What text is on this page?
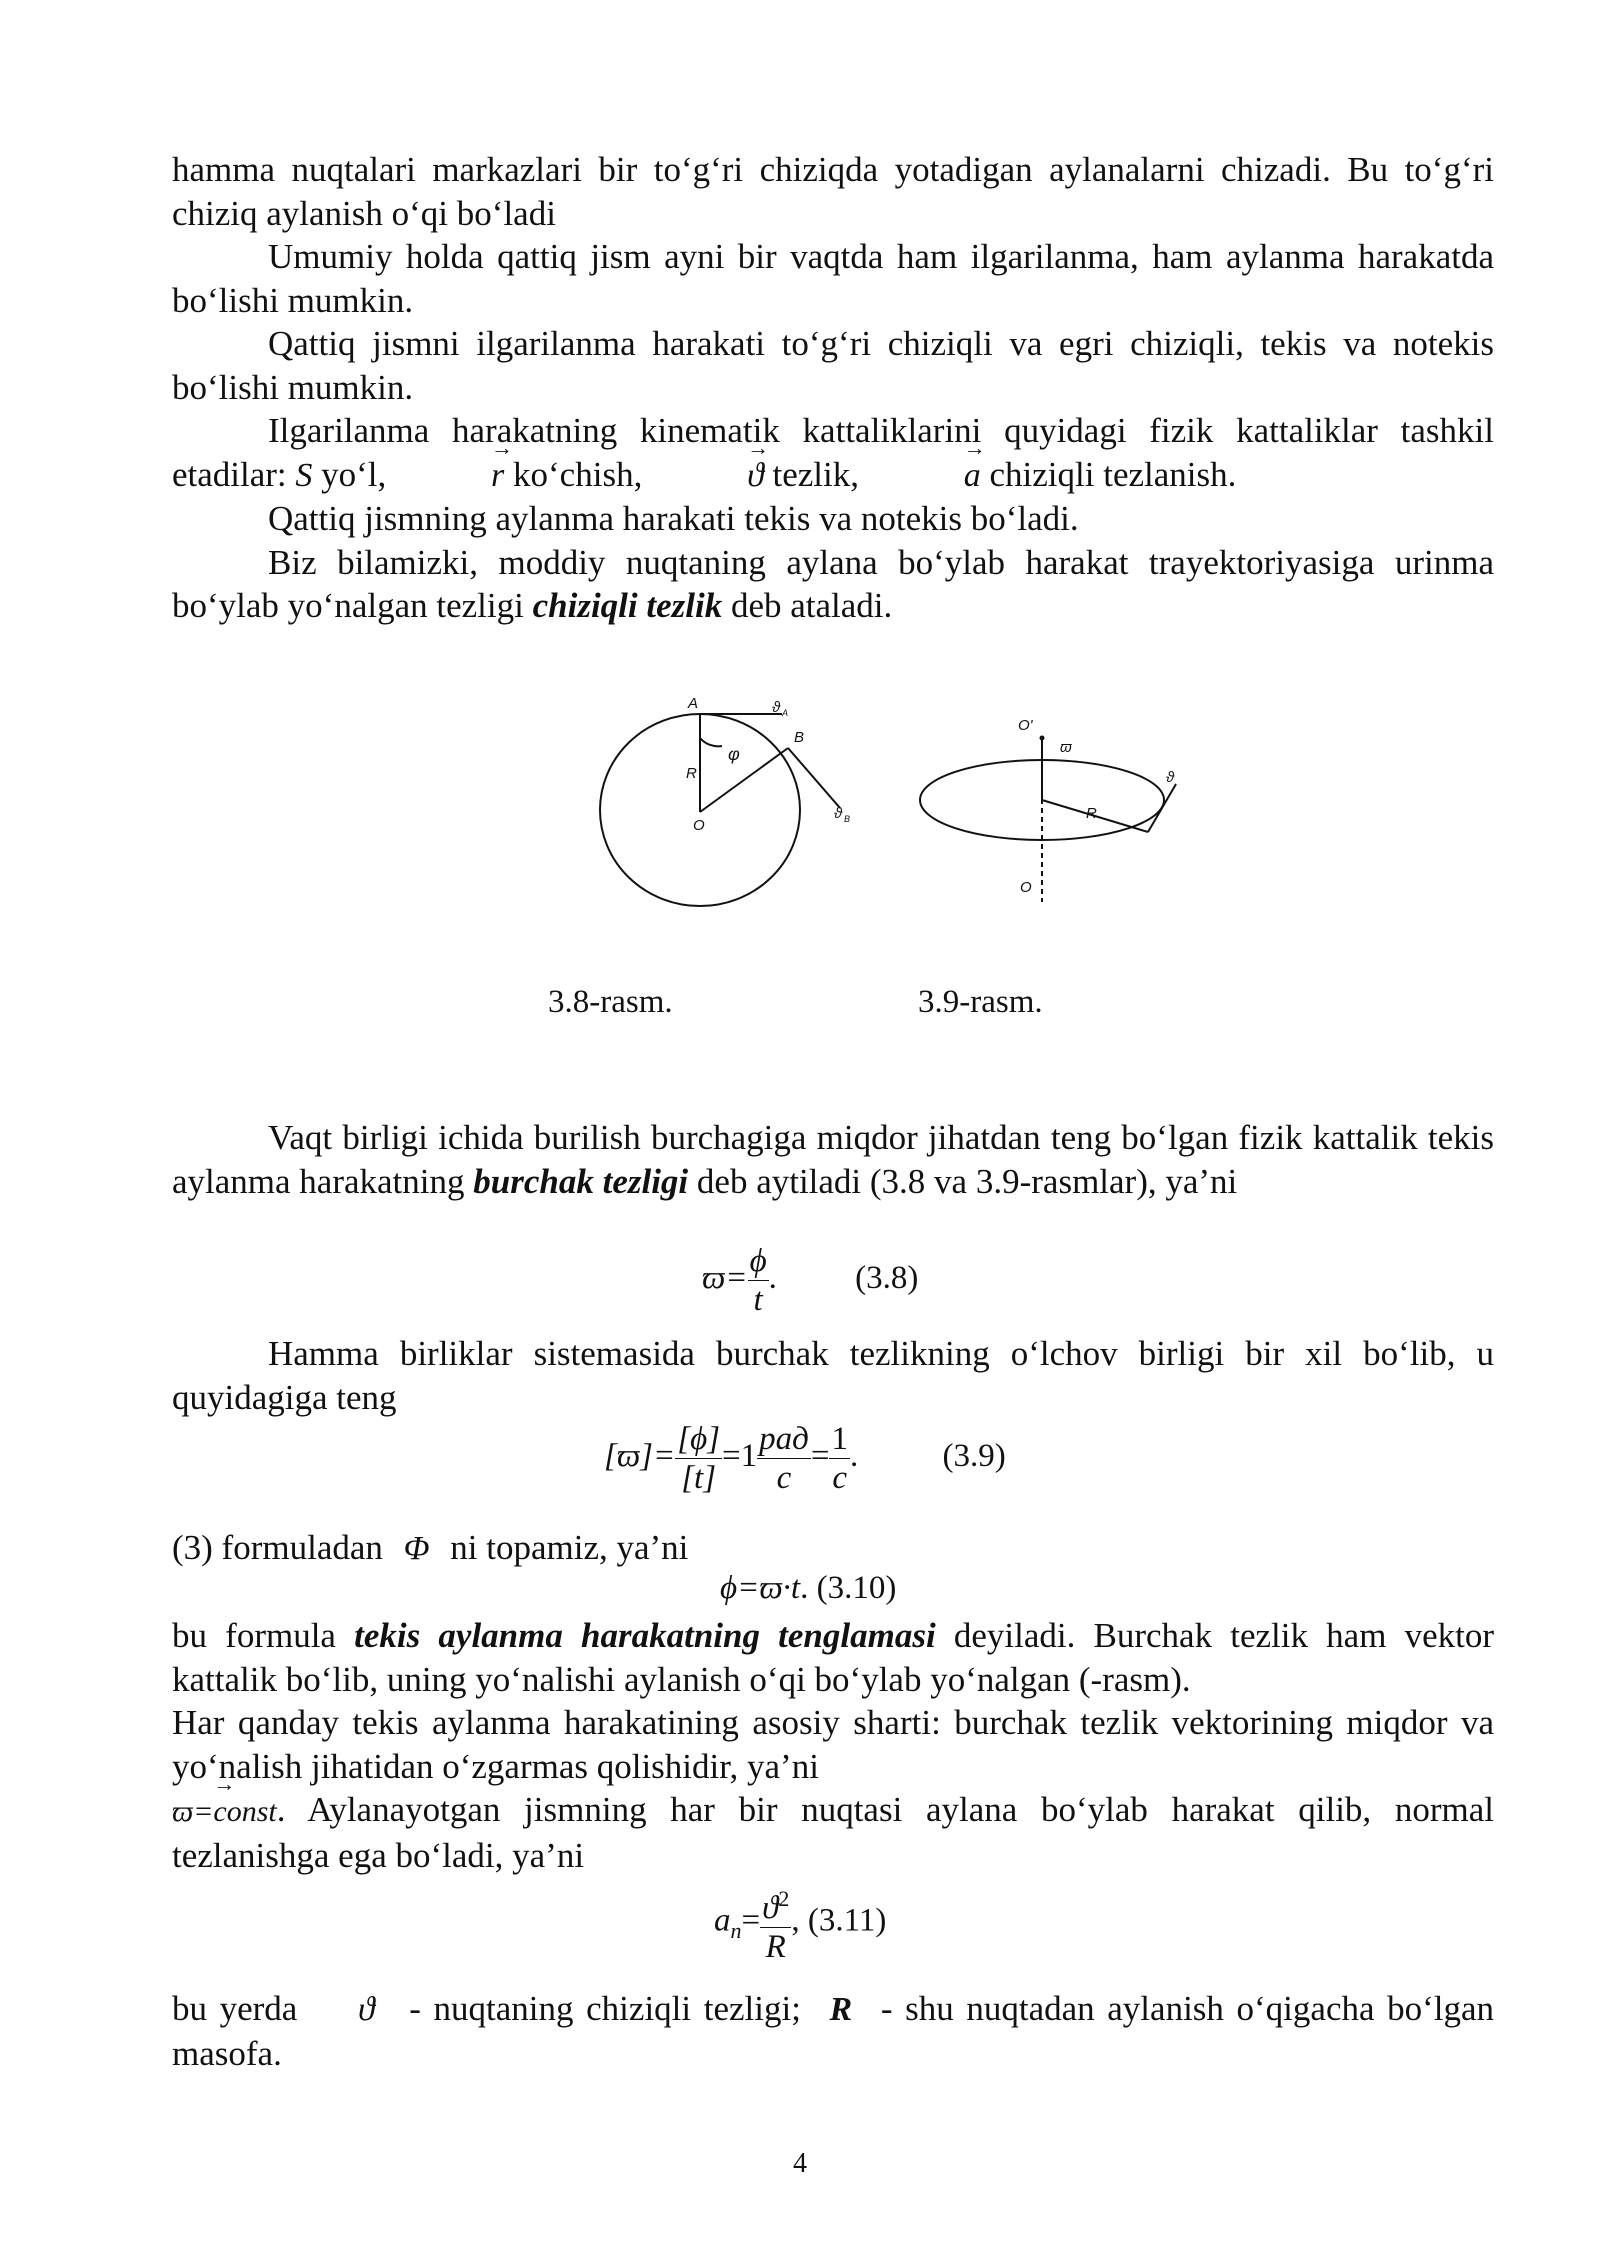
hamma nuqtalari markazlari bir to‘g‘ri chiziqda yotadigan aylanalarni chizadi. Bu to‘g‘ri chiziq aylanish o‘qi bo‘ladi

Umumiy holda qattiq jism ayni bir vaqtda ham ilgarilanma, ham aylanma harakatda bo‘lishi mumkin.

Qattiq jismni ilgarilanma harakati to‘g‘ri chiziqli va egri chiziqli, tekis va notekis bo‘lishi mumkin.

Ilgarilanma harakatning kinematik kattaliklarini quyidagi fizik kattaliklar tashkil etadilar: S yo‘l,	→ r ko‘chish,	→ ϑ tezlik,	→ a chiziqli tezlanish.

Qattiq jismning aylanma harakati tekis va notekis bo‘ladi.

Biz bilamizki, moddiy nuqtaning aylana bo‘ylab harakat trayektoriyasiga urinma bo‘ylab yo‘nalgan tezligi chiziqli tezlik deb ataladi.

A
B
O
R
φ
ϑ A
ϑ B
O'
ϖ
R
ϑ
O
3.8-rasm.	3.9-rasm.

Vaqt birligi ichida burilish burchagiga miqdor jihatdan teng bo‘lgan fizik kattalik tekis aylanma harakatning burchak tezligi deb aytiladi (3.8 va 3.9-rasmlar), ya’ni

$ϖ= \frac{\phi}{t}$ . (3.8)

Hamma birliklar sistemasida burchak tezlikning o‘lchov birligi bir xil bo‘lib, u quyidagiga teng

$[ϖ]= \frac{[\phi]}{[t]} =1 \frac{\text{рад}}{с} = \frac{1}{с}$ .	(3.9)

(3) formuladan Φ ni topamiz, ya’ni

ϕ=ϖ·t. (3.10)

bu formula tekis aylanma harakatning tenglamasi deyiladi. Burchak tezlik ham vektor kattalik bo‘lib, uning yo‘nalishi aylanish o‘qi bo‘ylab yo‘nalgan (-rasm).

Har qanday tekis aylanma harakatining asosiy sharti: burchak tezlik vektorining miqdor va yo‘nalish jihatidan o‘zgarmas qolishidir, ya’ni

→ ϖ=const. Aylanayotgan jismning har bir nuqtasi aylana bo‘ylab harakat qilib, normal tezlanishga ega bo‘ladi, ya’ni

$a_n= \frac{ϑ^2}{R}$ , (3.11)

bu yerda ϑ - nuqtaning chiziqli tezligi; R - shu nuqtadan aylanish o‘qigacha bo‘lgan masofa.

4
